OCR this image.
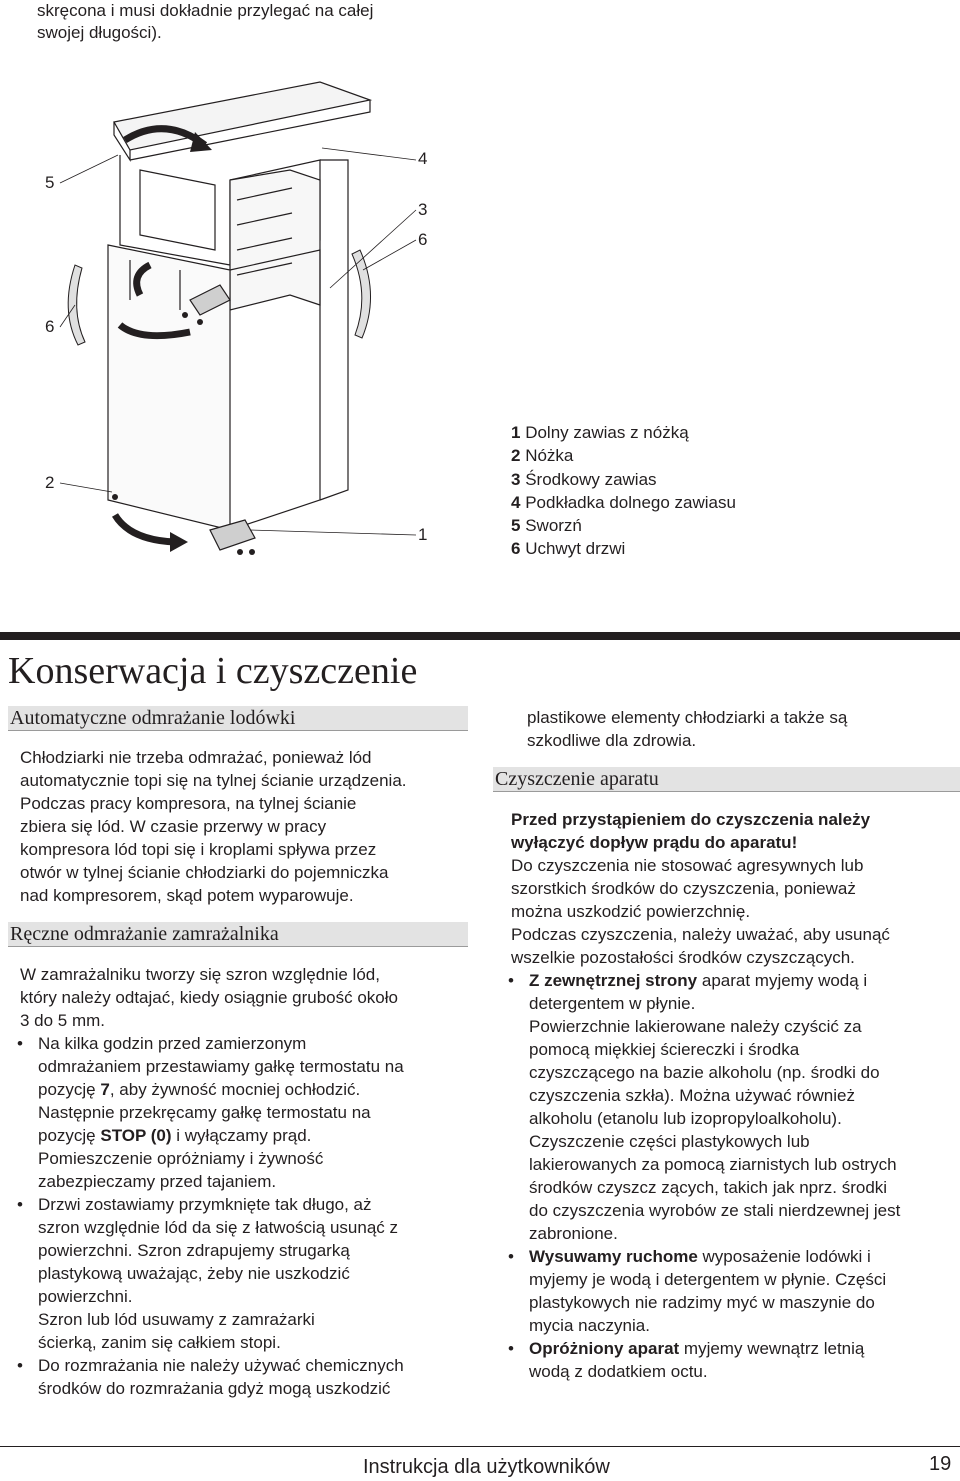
skręcona i musi dokładnie przylegać na całej
swojej długości).
5
4
3
6
6
2
1
1 Dolny zawias z nóżką
2 Nóżka
3 Środkowy zawias
4 Podkładka dolnego zawiasu
5 Sworzń
6 Uchwyt drzwi
Konserwacja i czyszczenie
Automatyczne odmrażanie lodówki
Chłodziarki nie trzeba odmrażać, ponieważ lód
automatycznie topi się na tylnej ścianie urządzenia.
Podczas pracy kompresora, na tylnej ścianie
zbiera się lód. W czasie przerwy w pracy
kompresora lód topi się i kroplami spływa przez
otwór w tylnej ścianie chłodziarki do pojemniczka
nad kompresorem, skąd potem wyparowuje.
Ręczne odmrażanie zamrażalnika
W zamrażalniku tworzy się szron względnie lód,
który należy odtajać, kiedy osiągnie grubość około
3 do 5 mm.
• Na kilka godzin przed zamierzonym
odmrażaniem przestawiamy gałkę termostatu na
pozycję 7, aby żywność mocniej ochłodzić.
Następnie przekręcamy gałkę termostatu na
pozycję STOP (0) i wyłączamy prąd.
Pomieszczenie opróżniamy i żywność
zabezpieczamy przed tajaniem.
• Drzwi zostawiamy przymknięte tak długo, aż
szron względnie lód da się z łatwością usunąć z
powierzchni. Szron zdrapujemy strugarką
plastykową uważając, żeby nie uszkodzić
powierzchni.
Szron lub lód usuwamy z zamrażarki
ścierką, zanim się całkiem stopi.
• Do rozmrażania nie należy używać chemicznych
środków do rozmrażania gdyż mogą uszkodzić
plastikowe elementy chłodziarki a także są
szkodliwe dla zdrowia.
Czyszczenie aparatu
Przed przystąpieniem do czyszczenia należy
wyłączyć dopływ prądu do aparatu!
Do czyszczenia nie stosować agresywnych lub
szorstkich środków do czyszczenia, ponieważ
można uszkodzić powierzchnię.
Podczas czyszczenia, należy uważać, aby usunąć
wszelkie pozostałości środków czyszczących.
• Z zewnętrznej strony aparat myjemy wodą i
detergentem w płynie.
Powierzchnie lakierowane należy czyścić za
pomocą miękkiej ściereczki i środka
czyszczącego na bazie alkoholu (np. środki do
czyszczenia szkła). Można używać również
alkoholu (etanolu lub izopropyloalkoholu).
Czyszczenie części plastykowych lub
lakierowanych za pomocą ziarnistych lub ostrych
środków czyszcz zących, takich jak nprz. środki
do czyszczenia wyrobów ze stali nierdzewnej jest
zabronione.
• Wysuwamy ruchome wyposażenie lodówki i
myjemy je wodą i detergentem w płynie. Części
plastykowych nie radzimy myć w maszynie do
mycia naczynia.
• Opróżniony aparat myjemy wewnątrz letnią
wodą z dodatkiem octu.
Instrukcja dla użytkowników	19
